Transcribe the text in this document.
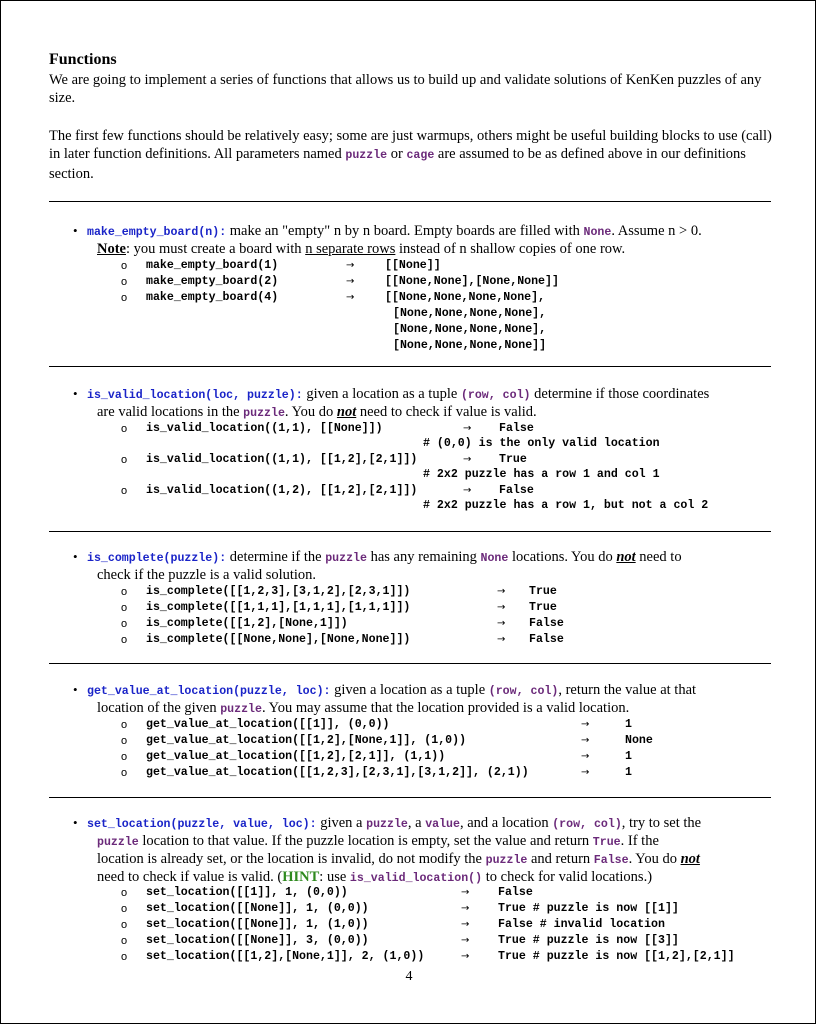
Functions
We are going to implement a series of functions that allows us to build up and validate solutions of KenKen puzzles of any size.
The first few functions should be relatively easy; some are just warmups, others might be useful building blocks to use (call) in later function definitions. All parameters named puzzle or cage are assumed to be as defined above in our definitions section.
• make_empty_board(n): make an "empty" n by n board. Empty boards are filled with None. Assume n > 0.
Note: you must create a board with n separate rows instead of n shallow copies of one row.
o make_empty_board(1)	→	[[None]]
o make_empty_board(2)	→	[[None,None],[None,None]]
o make_empty_board(4)	→	[[None,None,None,None],
[None,None,None,None],
[None,None,None,None],
[None,None,None,None]]
• is_valid_location(loc, puzzle): given a location as a tuple (row, col) determine if those coordinates
are valid locations in the puzzle. You do not need to check if value is valid.
o is_valid_location((1,1), [[None]])	→ False
# (0,0) is the only valid location
o is_valid_location((1,1), [[1,2],[2,1]])	→ True
# 2x2 puzzle has a row 1 and col 1
o is_valid_location((1,2), [[1,2],[2,1]])	→ False
# 2x2 puzzle has a row 1, but not a col 2
• is_complete(puzzle): determine if the puzzle has any remaining None locations. You do not need to
check if the puzzle is a valid solution.
o is_complete([[1,2,3],[3,1,2],[2,3,1]])	→ True
o is_complete([[1,1,1],[1,1,1],[1,1,1]])	→ True
o is_complete([[1,2],[None,1]])	→ False
o is_complete([[None,None],[None,None]])	→ False
• get_value_at_location(puzzle, loc): given a location as a tuple (row, col), return the value at that
location of the given puzzle. You may assume that the location provided is a valid location.
o get_value_at_location([[1]], (0,0))	→	1
o get_value_at_location([[1,2],[None,1]], (1,0))	→	None
o get_value_at_location([[1,2],[2,1]], (1,1))	→	1
o get_value_at_location([[1,2,3],[2,3,1],[3,1,2]], (2,1))	→	1
• set_location(puzzle, value, loc): given a puzzle, a value, and a location (row, col), try to set the
puzzle location to that value. If the puzzle location is empty, set the value and return True. If the
location is already set, or the location is invalid, do not modify the puzzle and return False. You do not
need to check if value is valid. (HINT: use is_valid_location() to check for valid locations.)
o set_location([[1]], 1, (0,0))	→ False
o set_location([[None]], 1, (0,0))	→ True # puzzle is now [[1]]
o set_location([[None]], 1, (1,0))	→ False # invalid location
o set_location([[None]], 3, (0,0))	→ True # puzzle is now [[3]]
o set_location([[1,2],[None,1]], 2, (1,0))	→ True # puzzle is now [[1,2],[2,1]]
4
